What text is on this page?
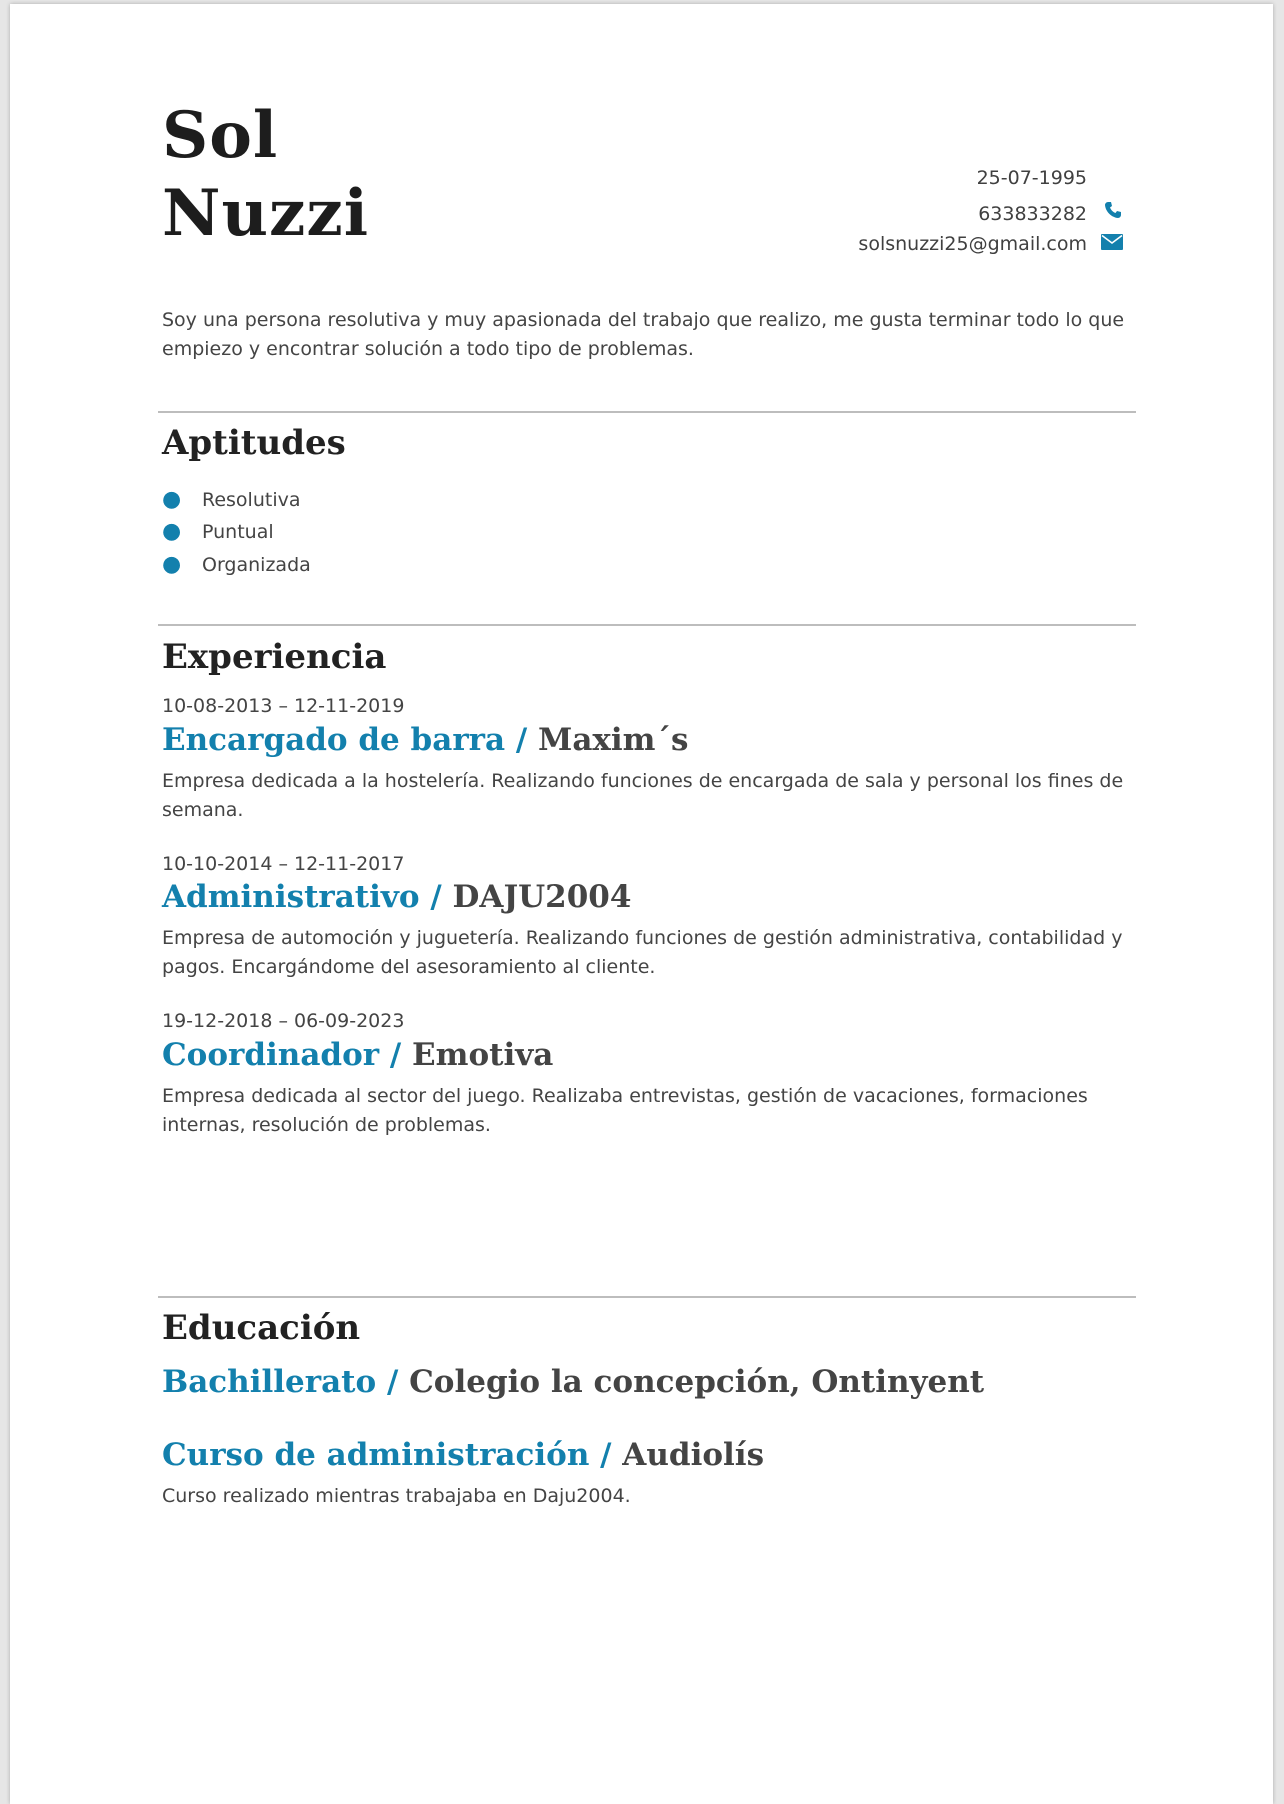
Sol
Nuzzi	25-07-1995
633833282
solsnuzzi25@gmail.com
Soy una persona resolutiva y muy apasionada del trabajo que realizo, me gusta terminar todo lo que empiezo y encontrar solución a todo tipo de problemas.
Aptitudes
● Resolutiva
● Puntual
● Organizada
Experiencia
10-08-2013 – 12-11-2019
Encargado de barra / Maxim´s
Empresa dedicada a la hostelería. Realizando funciones de encargada de sala y personal los fines de semana.
10-10-2014 – 12-11-2017
Administrativo / DAJU2004
Empresa de automoción y juguetería. Realizando funciones de gestión administrativa, contabilidad y pagos. Encargándome del asesoramiento al cliente.
19-12-2018 – 06-09-2023
Coordinador / Emotiva
Empresa dedicada al sector del juego. Realizaba entrevistas, gestión de vacaciones, formaciones internas, resolución de problemas.
Educación
Bachillerato / Colegio la concepción, Ontinyent
Curso de administración / Audiolís
Curso realizado mientras trabajaba en Daju2004.
